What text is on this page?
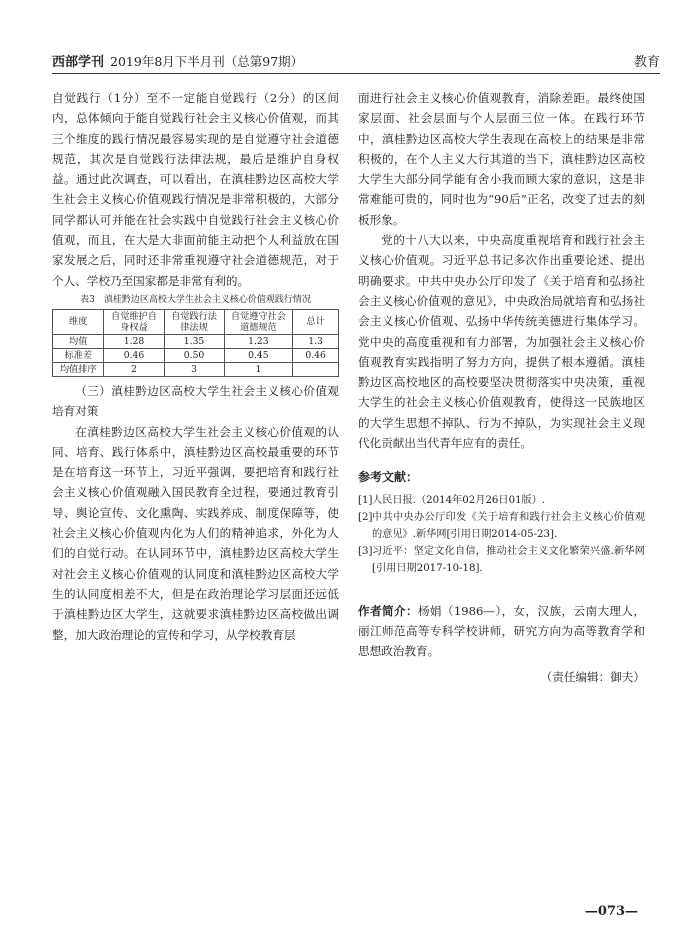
西部学刊 2019年8月下半月刊（总第97期）	教育

自觉践行（1分）至不一定能自觉践行（2分）的区间内，总体倾向于能自觉践行社会主义核心价值观，而其三个维度的践行情况最容易实现的是自觉遵守社会道德规范，其次是自觉践行法律法规，最后是维护自身权益。通过此次调查，可以看出，在滇桂黔边区高校大学生社会主义核心价值观践行情况是非常积极的，大部分同学都认可并能在社会实践中自觉践行社会主义核心价值观，而且，在大是大非面前能主动把个人利益放在国家发展之后，同时还非常重视遵守社会道德规范，对于个人、学校乃至国家都是非常有利的。

表3　滇桂黔边区高校大学生社会主义核心价值观践行情况
维度	自觉维护自身权益	自觉践行法律法规	自觉遵守社会道德规范	总计
均值	1.28	1.35	1.23	1.3
标准差	0.46	0.50	0.45	0.46
均值排序	2	3	1	

（三）滇桂黔边区高校大学生社会主义核心价值观培育对策

在滇桂黔边区高校大学生社会主义核心价值观的认同、培育、践行体系中，滇桂黔边区高校最重要的环节是在培育这一环节上，习近平强调，要把培育和践行社会主义核心价值观融入国民教育全过程，要通过教育引导、舆论宣传、文化熏陶、实践养成、制度保障等，使社会主义核心价值观内化为人们的精神追求，外化为人们的自觉行动。在认同环节中，滇桂黔边区高校大学生对社会主义核心价值观的认同度和滇桂黔边区高校大学生的认同度相差不大，但是在政治理论学习层面还远低于滇桂黔边区大学生，这就要求滇桂黔边区高校做出调整，加大政治理论的宣传和学习，从学校教育层

面进行社会主义核心价值观教育，消除差距。最终使国家层面、社会层面与个人层面三位一体。在践行环节中，滇桂黔边区高校大学生表现在高校上的结果是非常积极的，在个人主义大行其道的当下，滇桂黔边区高校大学生大部分同学能有舍小我而顾大家的意识，这是非常难能可贵的，同时也为“90后”正名，改变了过去的刻板形象。

党的十八大以来，中央高度重视培育和践行社会主义核心价值观。习近平总书记多次作出重要论述、提出明确要求。中共中央办公厅印发了《关于培育和弘扬社会主义核心价值观的意见》，中央政治局就培育和弘扬社会主义核心价值观、弘扬中华传统美德进行集体学习。党中央的高度重视和有力部署，为加强社会主义核心价值观教育实践指明了努力方向，提供了根本遵循。滇桂黔边区高校地区的高校要坚决贯彻落实中央决策，重视大学生的社会主义核心价值观教育，使得这一民族地区的大学生思想不掉队、行为不掉队，为实现社会主义现代化贡献出当代青年应有的责任。

参考文献：
[1] 人民日报.（2014年02月26日01版）.
[2] 中共中央办公厅印发《关于培育和践行社会主义核心价值观的意见》.新华网[引用日期2014-05-23].
[3] 习近平：坚定文化自信，推动社会主义文化繁荣兴盛.新华网[引用日期2017-10-18].
作者简介：杨娟（1986—），女，汉族，云南大理人，丽江师范高等专科学校讲师，研究方向为高等教育学和思想政治教育。
（责任编辑：御夫）
—073—
